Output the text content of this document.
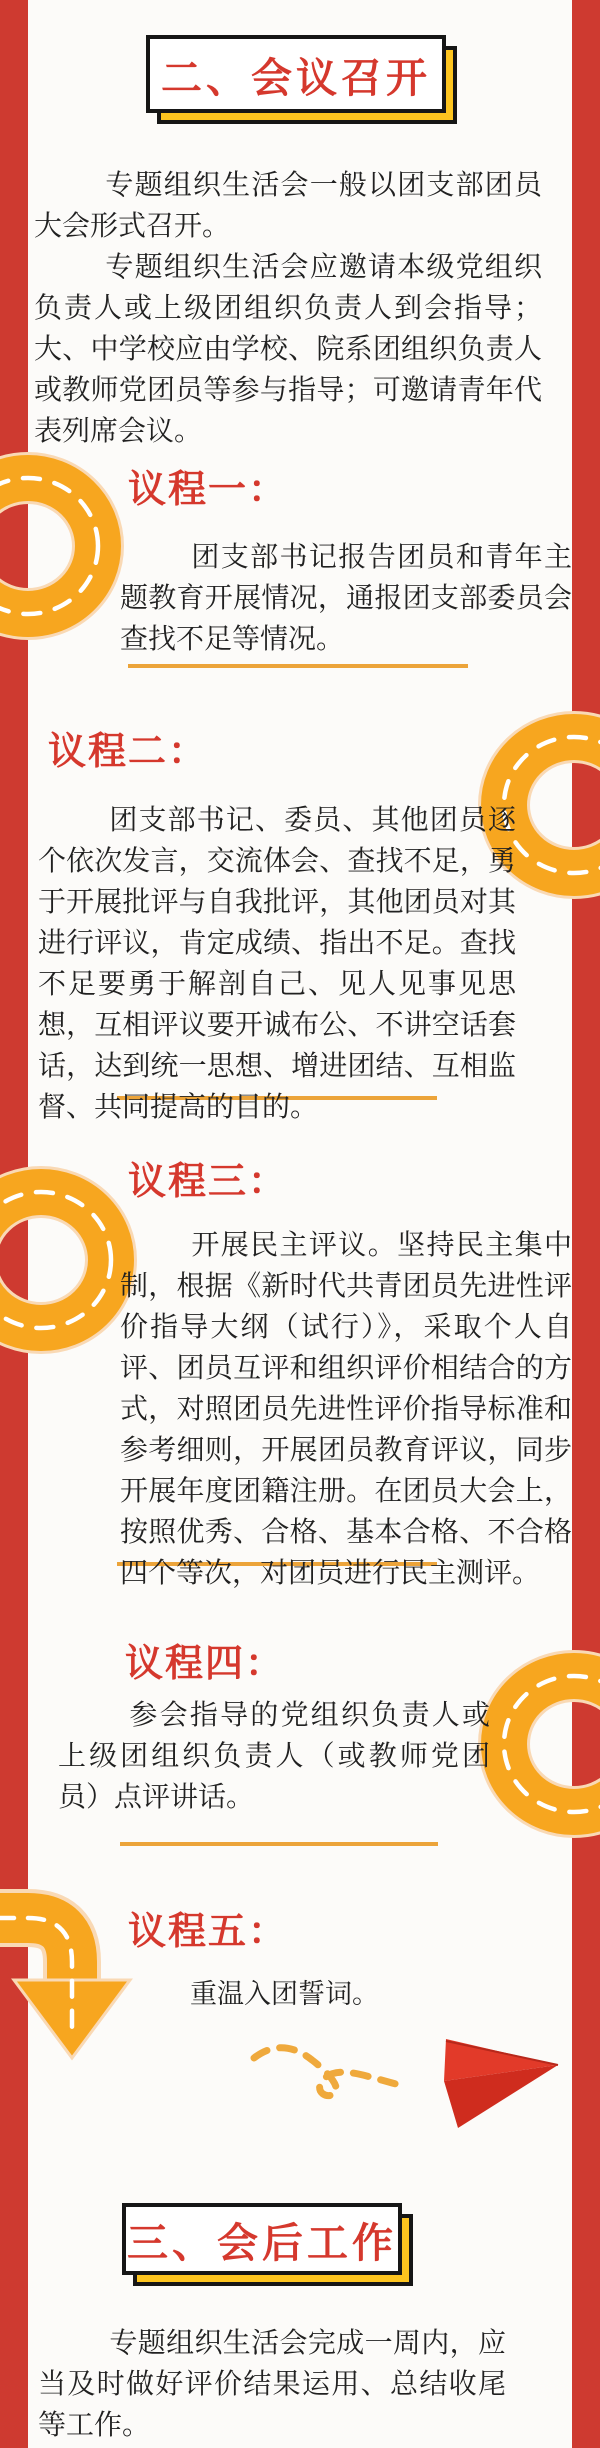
二、会议召开

专题组织生活会一般以团支部团员大会形式召开。

专题组织生活会应邀请本级党组织负责人或上级团组织负责人到会指导；大、中学校应由学校、院系团组织负责人或教师党团员等参与指导；可邀请青年代表列席会议。

议程一：

团支部书记报告团员和青年主题教育开展情况，通报团支部委员会查找不足等情况。

议程二：

团支部书记、委员、其他团员逐个依次发言，交流体会、查找不足，勇于开展批评与自我批评，其他团员对其进行评议，肯定成绩、指出不足。查找不足要勇于解剖自己、见人见事见思想，互相评议要开诚布公、不讲空话套话，达到统一思想、增进团结、互相监督、共同提高的目的。

议程三：

开展民主评议。坚持民主集中制，根据《新时代共青团员先进性评价指导大纲（试行）》，采取个人自评、团员互评和组织评价相结合的方式，对照团员先进性评价指导标准和参考细则，开展团员教育评议，同步开展年度团籍注册。在团员大会上，按照优秀、合格、基本合格、不合格四个等次，对团员进行民主测评。

议程四：

参会指导的党组织负责人或上级团组织负责人（或教师党团员）点评讲话。

议程五：

重温入团誓词。

三、会后工作

专题组织生活会完成一周内，应当及时做好评价结果运用、总结收尾等工作。
